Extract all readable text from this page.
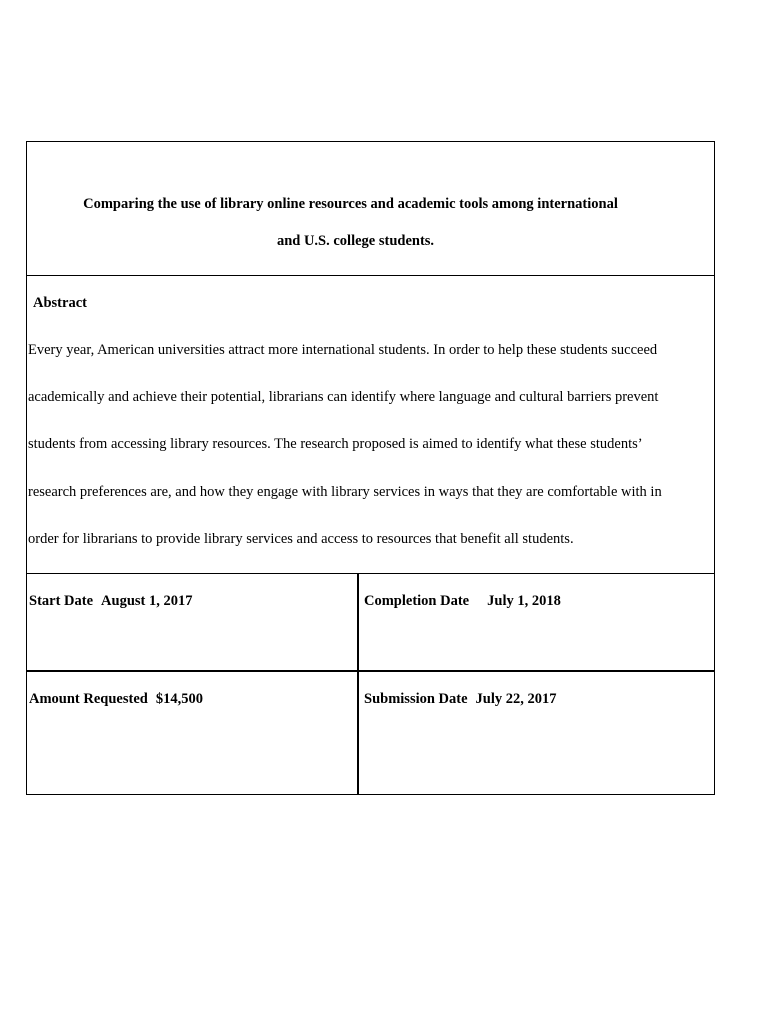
Comparing the use of library online resources and academic tools among international
and U.S. college students.
Abstract
Every year, American universities attract more international students. In order to help these students succeed
academically and achieve their potential, librarians can identify where language and cultural barriers prevent
students from accessing library resources. The research proposed is aimed to identify what these students’
research preferences are, and how they engage with library services in ways that they are comfortable with in
order for librarians to provide library services and access to resources that benefit all students.
Start Date August 1, 2017	Completion Date July 1, 2018
Amount Requested $14,500	Submission Date July 22, 2017
